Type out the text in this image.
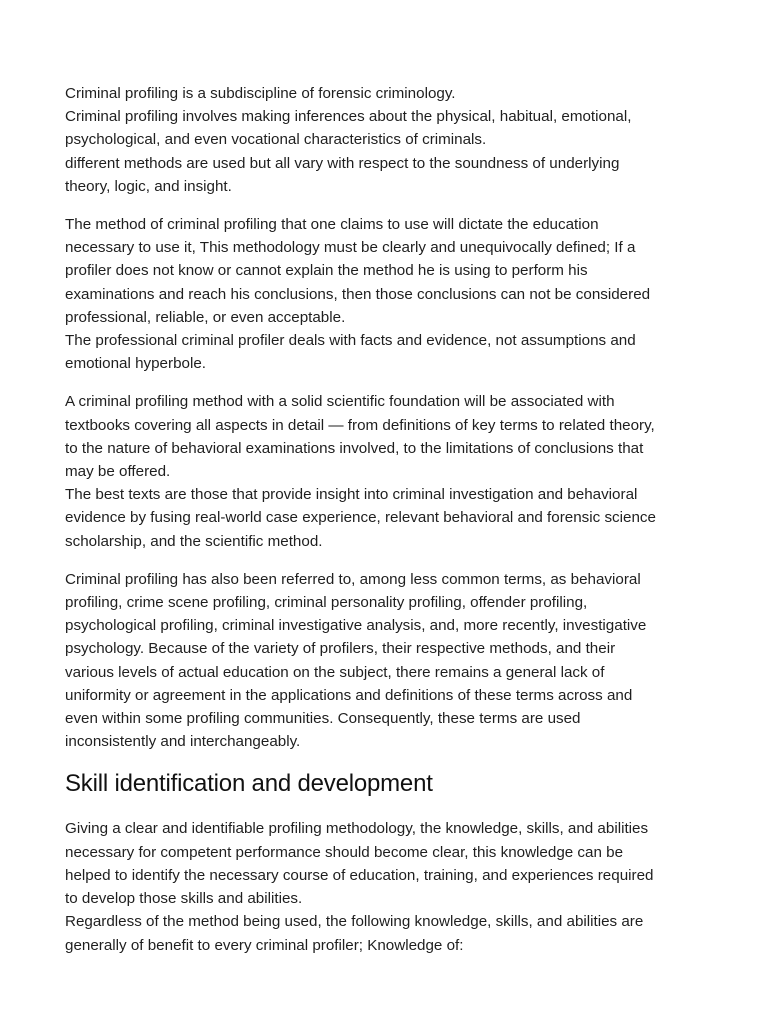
Criminal profiling is a subdiscipline of forensic criminology.
Criminal profiling involves making inferences about the physical, habitual, emotional,
psychological, and even vocational characteristics of criminals.
different methods are used but all vary with respect to the soundness of underlying
theory, logic, and insight.
The method of criminal profiling that one claims to use will dictate the education
necessary to use it, This methodology must be clearly and unequivocally defined; If a
profiler does not know or cannot explain the method he is using to perform his
examinations and reach his conclusions, then those conclusions can not be considered
professional, reliable, or even acceptable.
The professional criminal profiler deals with facts and evidence, not assumptions and
emotional hyperbole.
A criminal profiling method with a solid scientific foundation will be associated with
textbooks covering all aspects in detail — from definitions of key terms to related theory,
to the nature of behavioral examinations involved, to the limitations of conclusions that
may be offered.
The best texts are those that provide insight into criminal investigation and behavioral
evidence by fusing real-world case experience, relevant behavioral and forensic science
scholarship, and the scientific method.
Criminal profiling has also been referred to, among less common terms, as behavioral
profiling, crime scene profiling, criminal personality profiling, offender profiling,
psychological profiling, criminal investigative analysis, and, more recently, investigative
psychology. Because of the variety of profilers, their respective methods, and their
various levels of actual education on the subject, there remains a general lack of
uniformity or agreement in the applications and definitions of these terms across and
even within some profiling communities. Consequently, these terms are used
inconsistently and interchangeably.
Skill identification and development
Giving a clear and identifiable profiling methodology, the knowledge, skills, and abilities
necessary for competent performance should become clear, this knowledge can be
helped to identify the necessary course of education, training, and experiences required
to develop those skills and abilities.
Regardless of the method being used, the following knowledge, skills, and abilities are
generally of benefit to every criminal profiler; Knowledge of:
